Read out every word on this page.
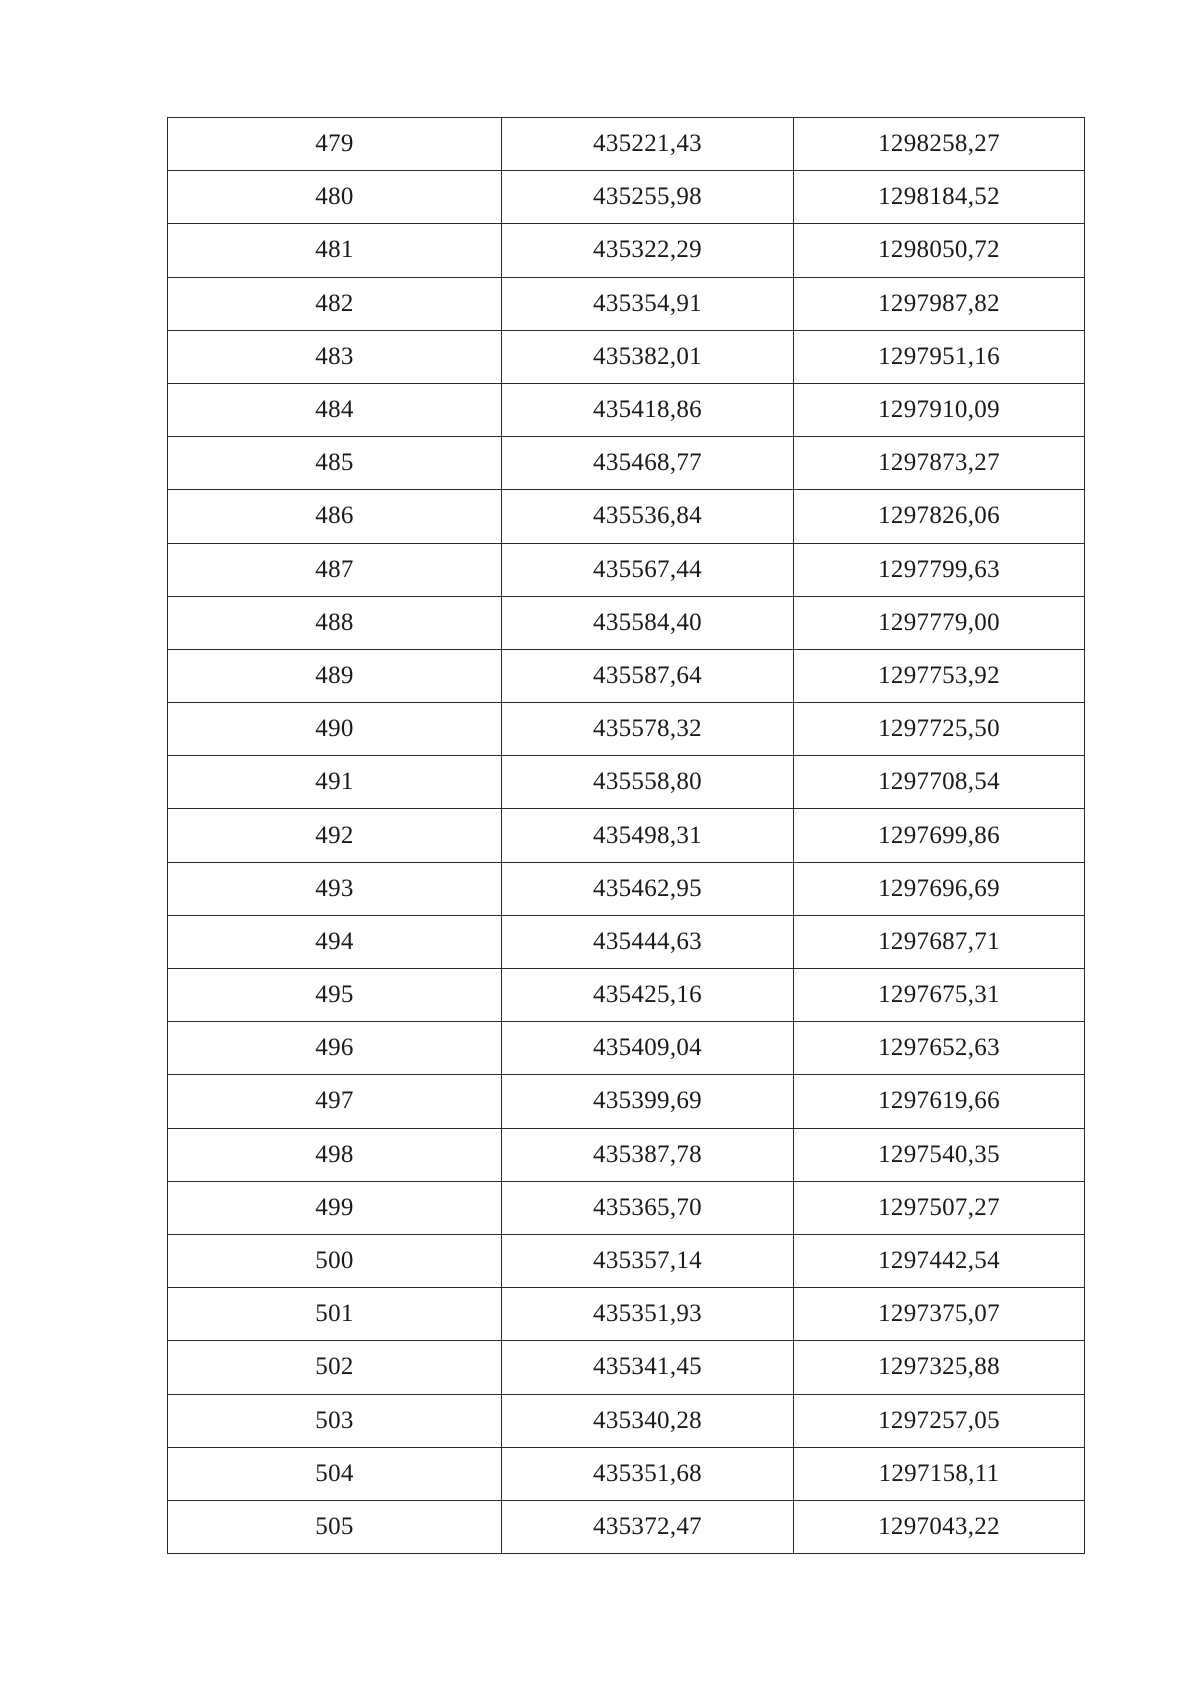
479	435221,43	1298258,27
480	435255,98	1298184,52
481	435322,29	1298050,72
482	435354,91	1297987,82
483	435382,01	1297951,16
484	435418,86	1297910,09
485	435468,77	1297873,27
486	435536,84	1297826,06
487	435567,44	1297799,63
488	435584,40	1297779,00
489	435587,64	1297753,92
490	435578,32	1297725,50
491	435558,80	1297708,54
492	435498,31	1297699,86
493	435462,95	1297696,69
494	435444,63	1297687,71
495	435425,16	1297675,31
496	435409,04	1297652,63
497	435399,69	1297619,66
498	435387,78	1297540,35
499	435365,70	1297507,27
500	435357,14	1297442,54
501	435351,93	1297375,07
502	435341,45	1297325,88
503	435340,28	1297257,05
504	435351,68	1297158,11
505	435372,47	1297043,22
